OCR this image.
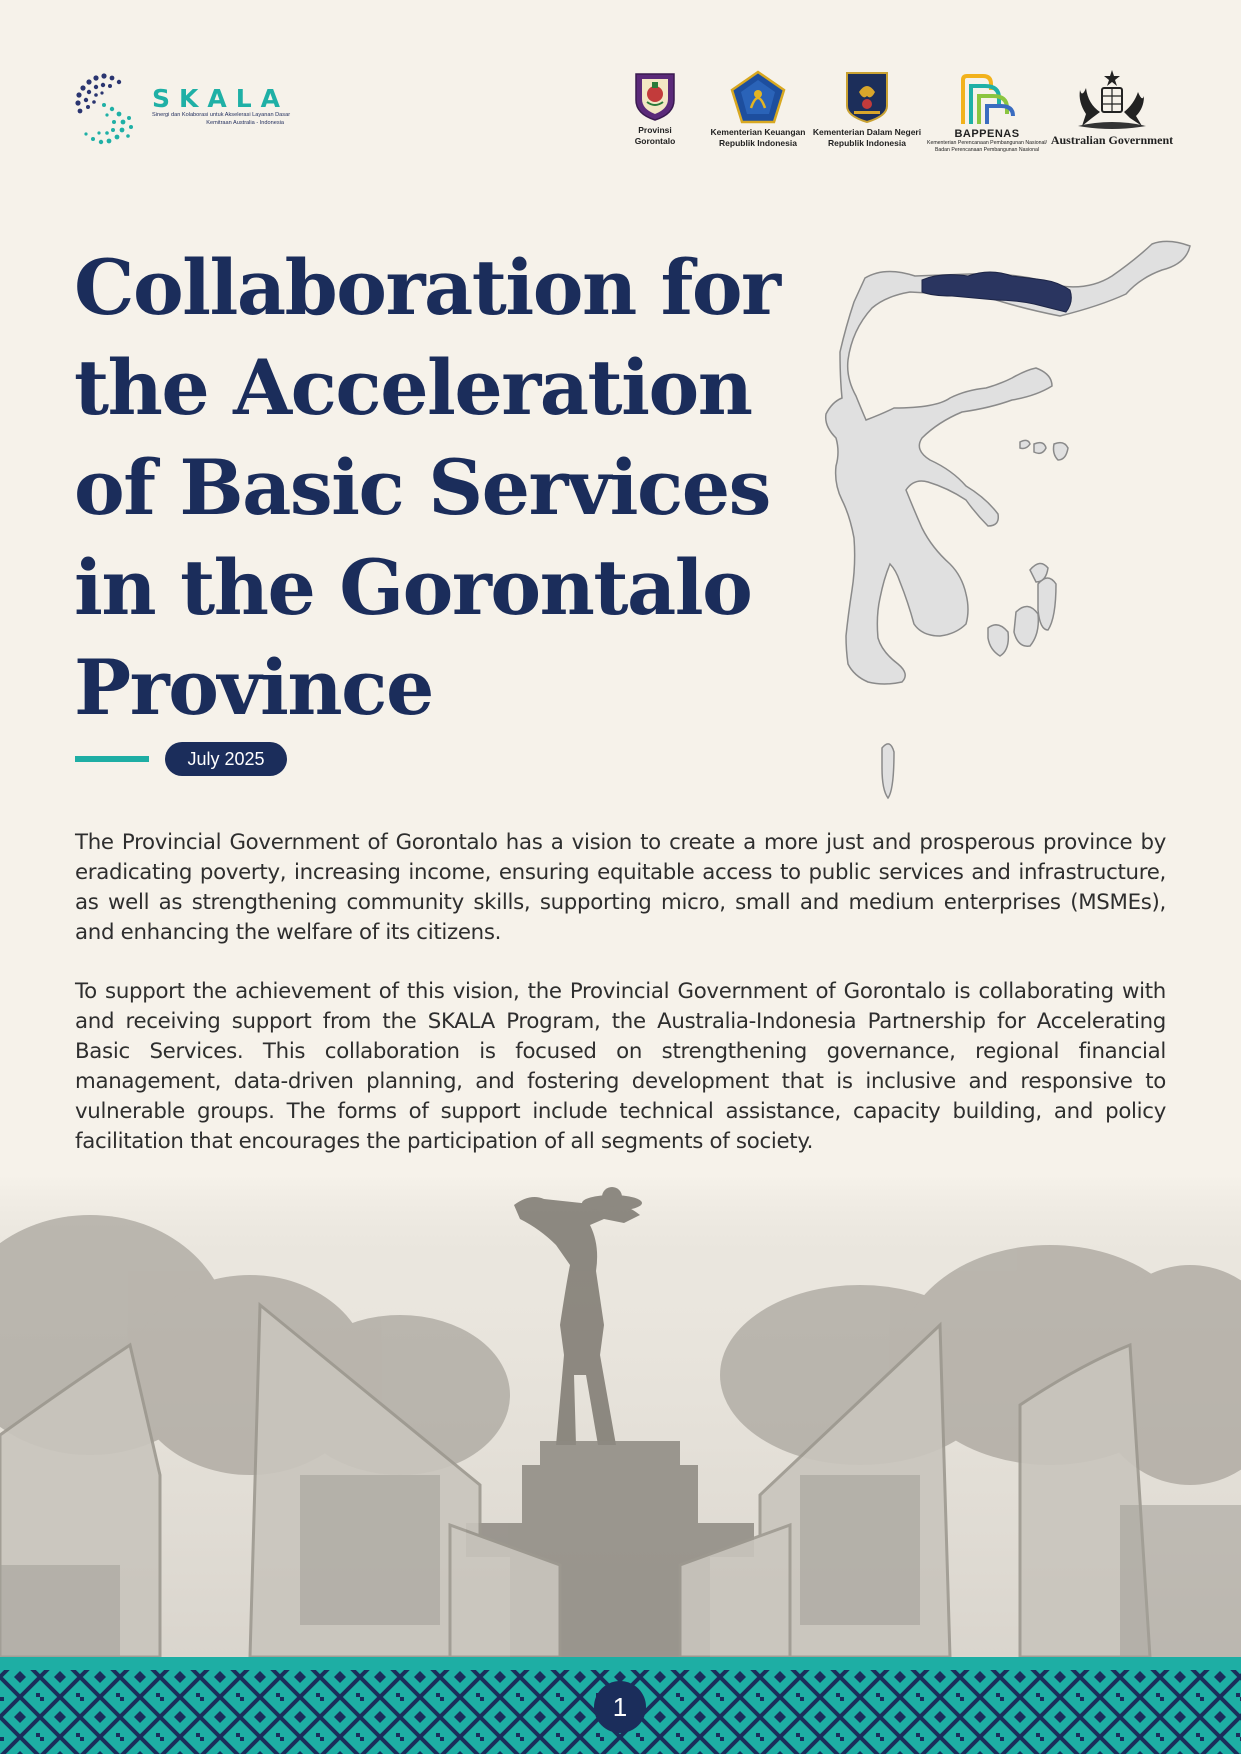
SKALA
Sinergi dan Kolaborasi untuk Akselerasi Layanan Dasar
Kemitraan Australia - Indonesia
Provinsi
Gorontalo
Kementerian Keuangan
Republik Indonesia
Kementerian Dalam Negeri
Republik Indonesia
BAPPENAS
Kementerian Perencanaan Pembangunan Nasional/
Badan Perencanaan Pembangunan Nasional
Australian Government
Collaboration for
the Acceleration
of Basic Services
in the Gorontalo
Province
July 2025

The Provincial Government of Gorontalo has a vision to create a more just and prosperous province by eradicating poverty, increasing income, ensuring equitable access to public services and infrastructure, as well as strengthening community skills, supporting micro, small and medium enterprises (MSMEs), and enhancing the welfare of its citizens.

To support the achievement of this vision, the Provincial Government of Gorontalo is collaborating with and receiving support from the SKALA Program, the Australia-Indonesia Partnership for Accelerating Basic Services. This collaboration is focused on strengthening governance, regional financial management, data-driven planning, and fostering development that is inclusive and responsive to vulnerable groups. The forms of support include technical assistance, capacity building, and policy facilitation that encourages the participation of all segments of society.

1
